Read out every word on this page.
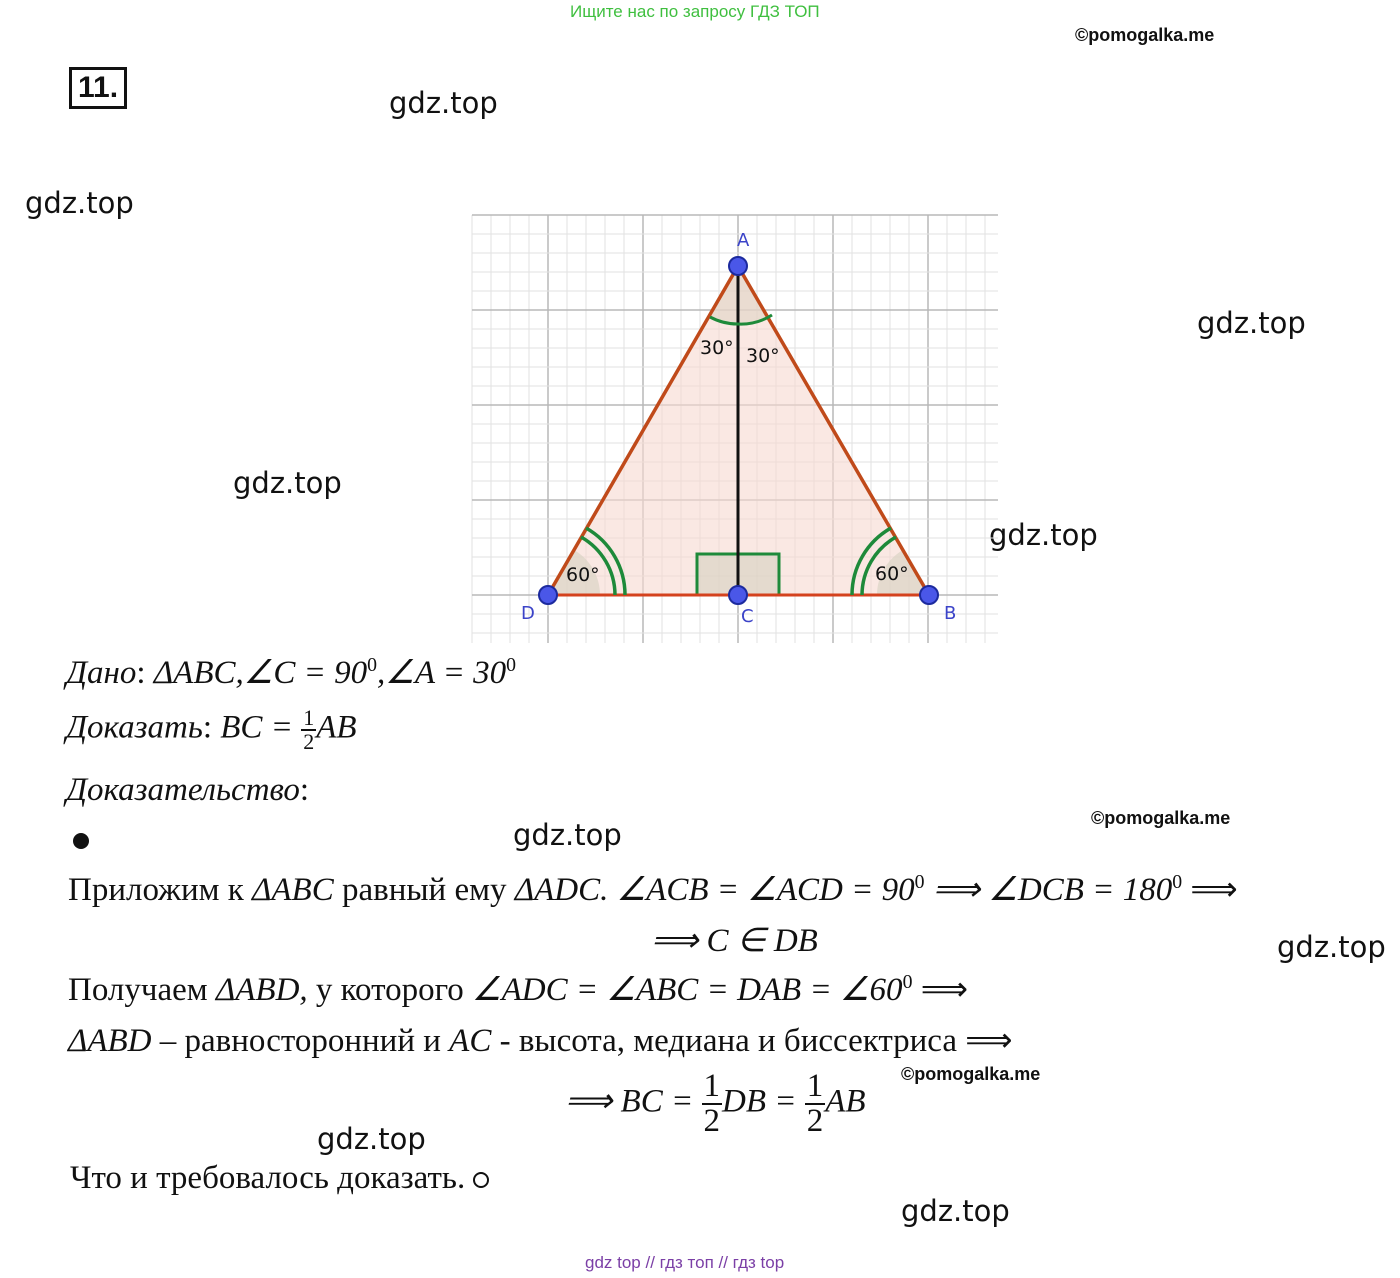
Ищите нас по запросу ГДЗ ТОП
©pomogalka.me
11.	gdz.top
gdz.top
gdz.top
gdz.top
gdz.top
gdz.top
gdz.top
gdz.top
gdz.top
30° 30°
60°	60°
A
D	C	B
Дано: ΔABC,∠C = $90^0,\angle A = 30^0$
Доказать: BC = $\frac{1}{2}$ AB
Доказательство:
©pomogalka.me
Приложим к ΔABC равный ему ΔADC. ∠ACB = ∠ACD = $90^0$ ⟹ ∠DCB = $180^0$ ⟹
⟹ C ∈ DB
Получаем ΔABD, у которого ∠ADC = ∠ABC = DAB = $\angle 60^0$ ⟹
ΔABD – равносторонний и AC - высота, медиана и биссектриса ⟹
©pomogalka.me
⟹ BC = $\frac{1}{2}$ DB = $\frac{1}{2}$ AB
Что и требовалось доказать.
gdz top // гдз топ // гдз top
